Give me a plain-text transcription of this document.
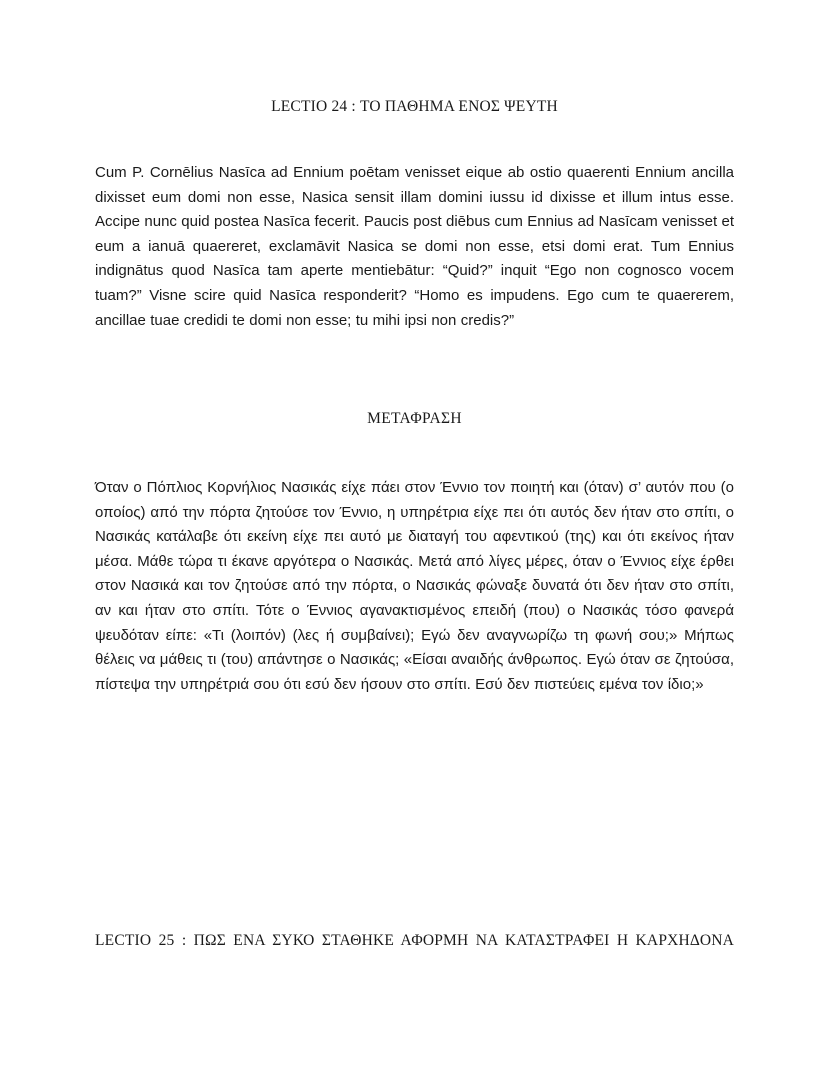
LECTIO 24 : ΤΟ ΠΑΘΗΜΑ ΕΝΟΣ ΨΕΥΤΗ

Cum P. Cornēlius Nasīca ad Ennium poētam venisset eique ab ostio quaerenti Ennium ancilla dixisset eum domi non esse, Nasica sensit illam domini iussu id dixisse et illum intus esse. Accipe nunc quid postea Nasīca fecerit. Paucis post diēbus cum Ennius ad Nasīcam venisset et eum a ianuā quaereret, exclamāvit Nasica se domi non esse, etsi domi erat. Tum Ennius indignātus quod Nasīca tam aperte mentiebātur: “Quid?” inquit “Ego non cognosco vocem tuam?” Visne scire quid Nasīca responderit? “Homo es impudens. Ego cum te quaererem, ancillae tuae credidi te domi non esse; tu mihi ipsi non credis?”

ΜΕΤΑΦΡΑΣΗ

Όταν ο Πόπλιος Κορνήλιος Νασικάς είχε πάει στον Έννιο τον ποιητή και (όταν) σ’ αυτόν που (ο οποίος) από την πόρτα ζητούσε τον Έννιο, η υπηρέτρια είχε πει ότι αυτός δεν ήταν στο σπίτι, ο Νασικάς κατάλαβε ότι εκείνη είχε πει αυτό με διαταγή του αφεντικού (της) και ότι εκείνος ήταν μέσα. Μάθε τώρα τι έκανε αργότερα ο Νασικάς. Μετά από λίγες μέρες, όταν ο Έννιος είχε έρθει στον Νασικά και τον ζητούσε από την πόρτα, ο Νασικάς φώναξε δυνατά ότι δεν ήταν στο σπίτι, αν και ήταν στο σπίτι. Τότε ο Έννιος αγανακτισμένος επειδή (που) ο Νασικάς τόσο φανερά ψευδόταν είπε: «Τι (λοιπόν) (λες ή συμβαίνει); Εγώ δεν αναγνωρίζω τη φωνή σου;» Μήπως θέλεις να μάθεις τι (του) απάντησε ο Νασικάς; «Είσαι αναιδής άνθρωπος. Εγώ όταν σε ζητούσα, πίστεψα την υπηρέτριά σου ότι εσύ δεν ήσουν στο σπίτι. Εσύ δεν πιστεύεις εμένα τον ίδιο;»

LECTIO 25 : ΠΩΣ ΕΝΑ ΣΥΚΟ ΣΤΑΘΗΚΕ ΑΦΟΡΜΗ ΝΑ ΚΑΤΑΣΤΡΑΦΕΙ Η ΚΑΡΧΗΔΟΝΑ
